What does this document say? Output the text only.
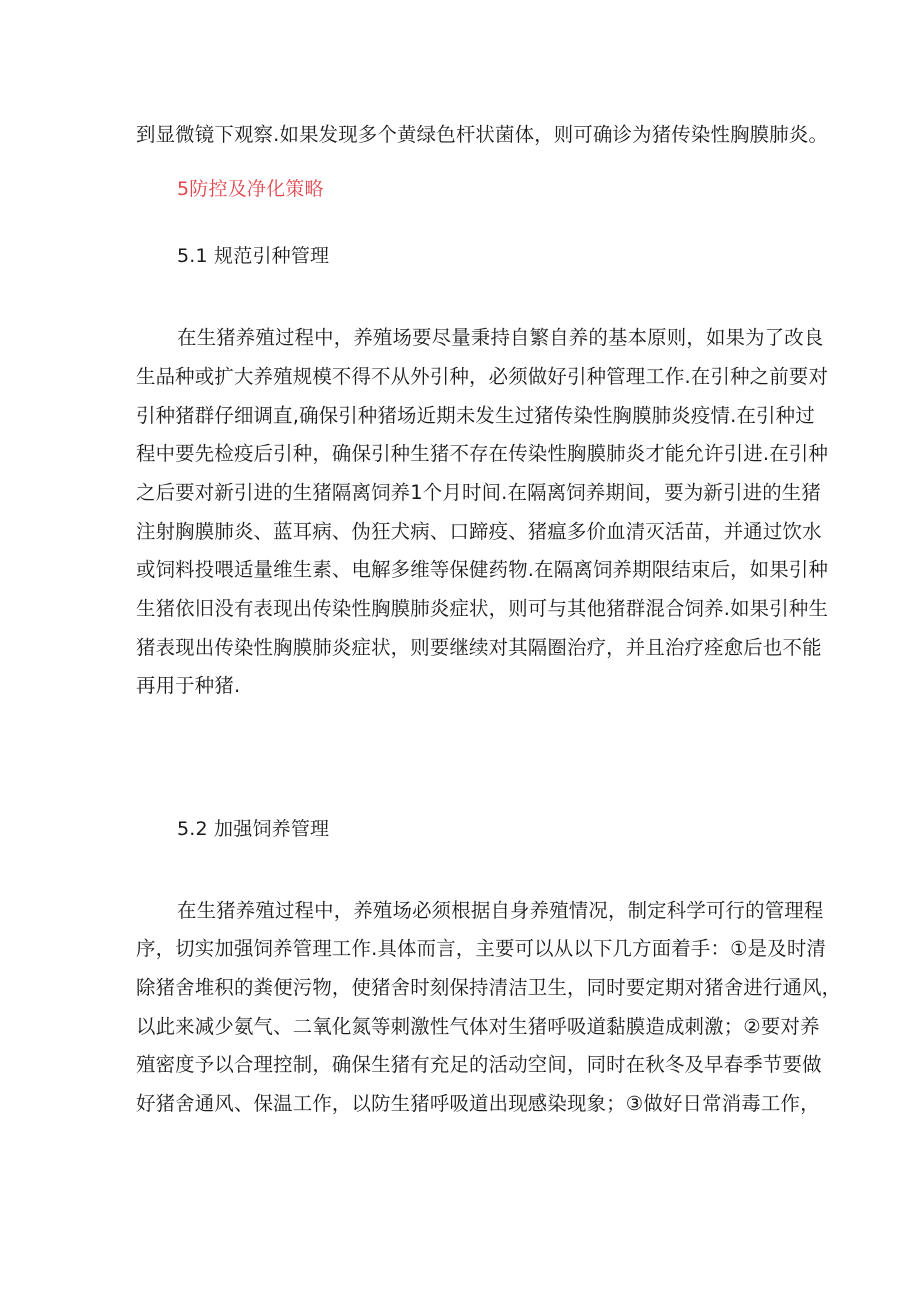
到显微镜下观察.如果发现多个黄绿色杆状菌体，则可确诊为猪传染性胸膜肺炎。
5防控及净化策略
5.1 规范引种管理
在生猪养殖过程中，养殖场要尽量秉持自繁自养的基本原则，如果为了改良
生品种或扩大养殖规模不得不从外引种，必须做好引种管理工作.在引种之前要对
引种猪群仔细调直,确保引种猪场近期未发生过猪传染性胸膜肺炎疫情.在引种过
程中要先检疫后引种，确保引种生猪不存在传染性胸膜肺炎才能允许引进.在引种
之后要对新引进的生猪隔离饲养1个月时间.在隔离饲养期间，要为新引进的生猪
注射胸膜肺炎、蓝耳病、伪狂犬病、口蹄疫、猪瘟多价血清灭活苗，并通过饮水
或饲料投喂适量维生素、电解多维等保健药物.在隔离饲养期限结束后，如果引种
生猪依旧没有表现出传染性胸膜肺炎症状，则可与其他猪群混合饲养.如果引种生
猪表现出传染性胸膜肺炎症状，则要继续对其隔圈治疗，并且治疗痊愈后也不能
再用于种猪.
5.2 加强饲养管理
在生猪养殖过程中，养殖场必须根据自身养殖情况，制定科学可行的管理程
序，切实加强饲养管理工作.具体而言，主要可以从以下几方面着手：①是及时清
除猪舍堆积的粪便污物，使猪舍时刻保持清洁卫生，同时要定期对猪舍进行通风，
以此来减少氨气、二氧化氮等刺激性气体对生猪呼吸道黏膜造成刺激；②要对养
殖密度予以合理控制，确保生猪有充足的活动空间，同时在秋冬及早春季节要做
好猪舍通风、保温工作，以防生猪呼吸道出现感染现象；③做好日常消毒工作，
